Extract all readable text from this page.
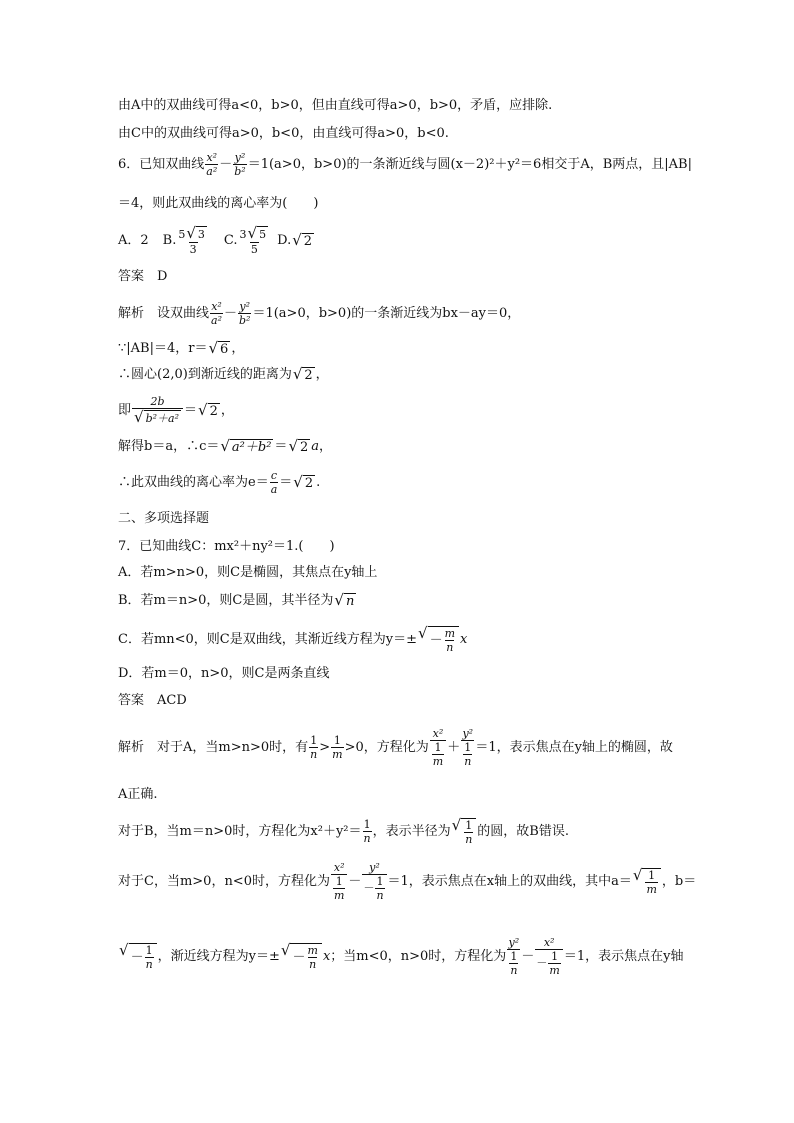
由A中的双曲线可得a<0，b>0，但由直线可得a>0，b>0，矛盾，应排除.
由C中的双曲线可得a>0，b<0，由直线可得a>0，b<0.
6．已知双曲线 $\frac{\text{x²}}{\text{a²}} - \frac{\text{y²}}{\text{b²}} =1(a>0$，b>0)的一条渐近线与圆(x－2)²＋y²＝6相交于A，B两点，且|AB|
＝4，则此双曲线的离心率为(　　)
A．2 B. $\frac{5 √ 3}{3} C$. $\frac{3 √ 5}{5} D$. √ 2
答案　D
解析　设双曲线 $\frac{\text{x²}}{\text{a²}} - \frac{\text{y²}}{\text{b²}} =1(a>0$，b>0)的一条渐近线为bx－ay＝0，
∵|AB|＝4，r＝ √ 6 ，
∴圆心(2,0)到渐近线的距离为 √ 2 ，
即 $\frac{2b}{\text{√ b²＋a²}}$ ＝ √ 2 ，
解得b＝a，∴c＝ √ a²＋b² ＝ √ 2 a ，
∴此双曲线的离心率为$e= \frac{c}{a}$ ＝ √ 2 .
二、多项选择题
7．已知曲线C：mx²＋ny²＝1.(　　)
A．若m>n>0，则C是椭圆，其焦点在y轴上
B．若m＝n>0，则C是圆，其半径为 √ n
C．若mn<0，则C是双曲线，其渐近线方程为y＝± √ － $\frac{m}{n}$ x
D．若m＝0，n>0，则C是两条直线
答案　ACD
解析　对于A，当m>n>0时，有 $\frac{1}{n} > \frac{1}{m} >0$，方程化为 $\frac{\text{x²}}{\frac{1}{m}} + \frac{\text{y²}}{\frac{1}{n}} =1$，表示焦点在y轴上的椭圆，故
A正确.
对于B，当m＝n>0时，方程化为$x^2+y^2= \frac{1}{n}$ ，表示半径为 √ $\frac{1}{n}$ 的圆，故B错误.
对于C，当m>0，n<0时，方程化为 $\frac{\text{x²}}{\frac{1}{m}} - \frac{\text{y²}}{- \frac{1}{n}} =1$，表示焦点在x轴上的双曲线，其中a＝ √ $\frac{1}{m}$ ，b＝
√ － $\frac{1}{n}$ ，渐近线方程为y＝± √ － $\frac{m}{n}$ x ；当m<0，n>0时，方程化为 $\frac{\text{y²}}{\frac{1}{n}} - \frac{\text{x²}}{- \frac{1}{m}} =1$，表示焦点在y轴
